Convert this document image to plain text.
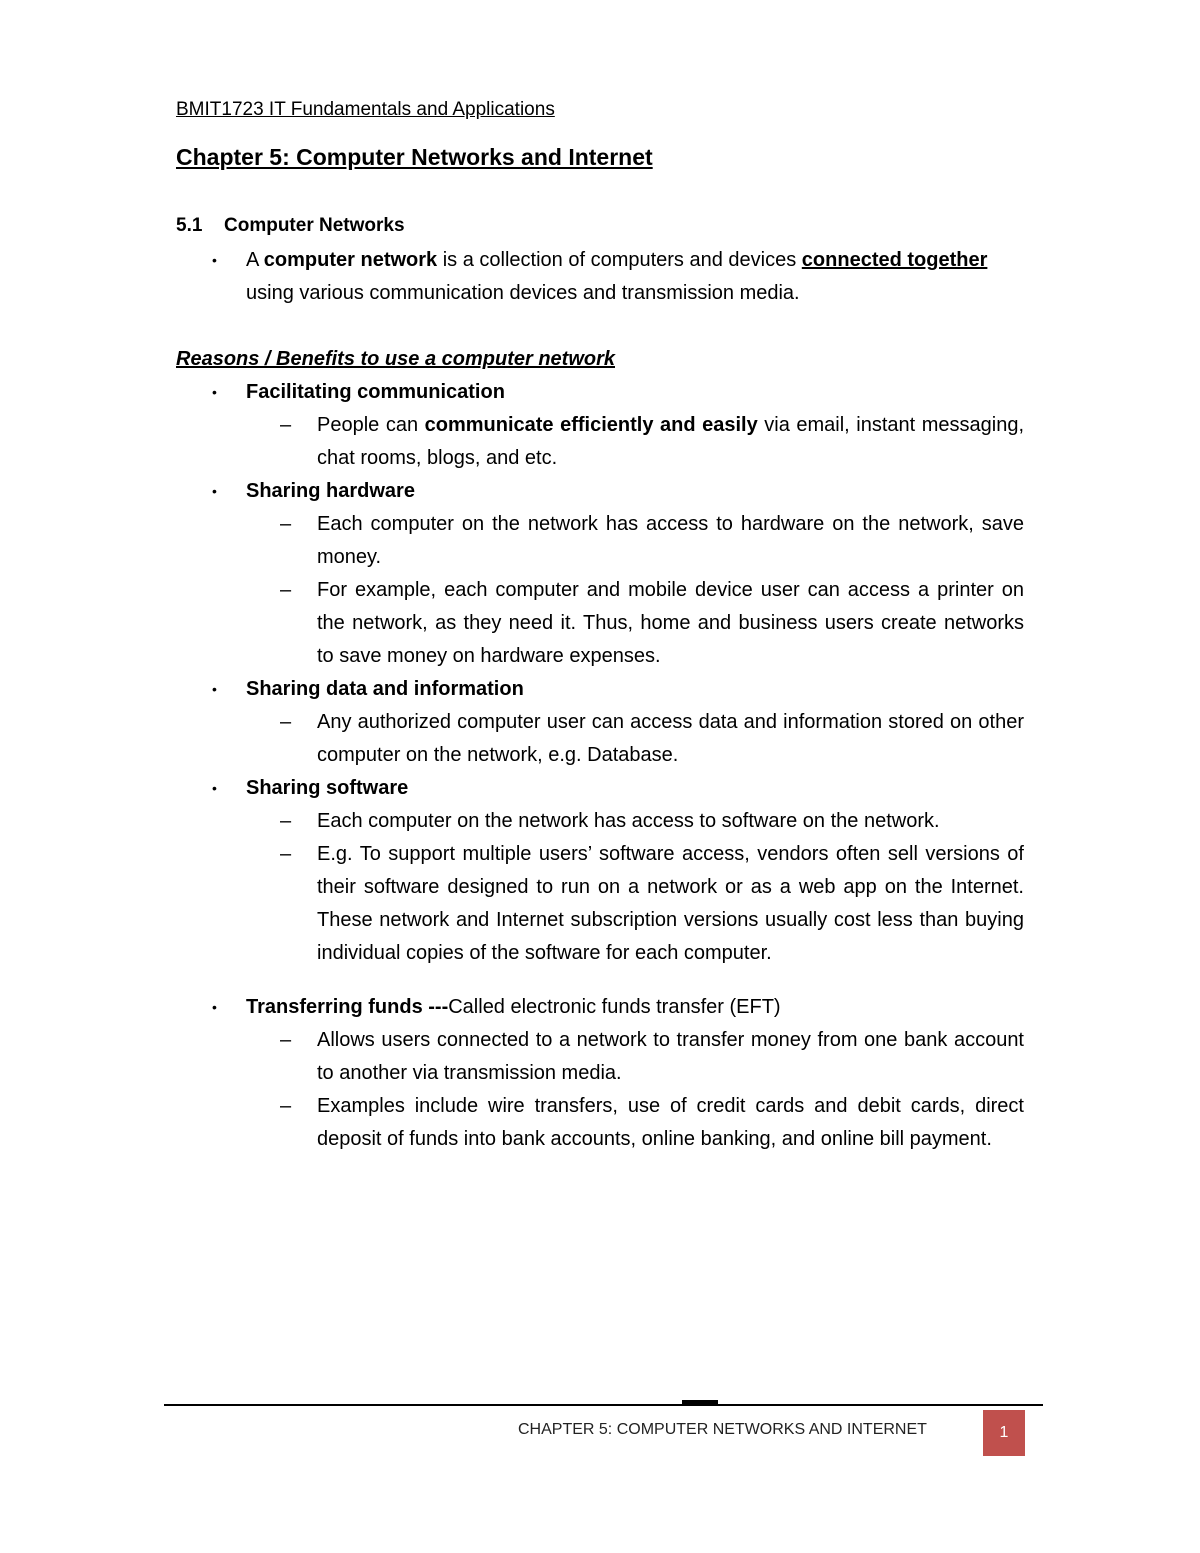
BMIT1723 IT Fundamentals and Applications
Chapter 5: Computer Networks and Internet
5.1 Computer Networks
• A computer network is a collection of computers and devices connected together using various communication devices and transmission media.
Reasons / Benefits to use a computer network
• Facilitating communication
– People can communicate efficiently and easily via email, instant messaging, chat rooms, blogs, and etc.
• Sharing hardware
– Each computer on the network has access to hardware on the network, save money.
– For example, each computer and mobile device user can access a printer on the network, as they need it. Thus, home and business users create networks to save money on hardware expenses.
• Sharing data and information
– Any authorized computer user can access data and information stored on other computer on the network, e.g. Database.
• Sharing software
– Each computer on the network has access to software on the network.
– E.g. To support multiple users’ software access, vendors often sell versions of their software designed to run on a network or as a web app on the Internet. These network and Internet subscription versions usually cost less than buying individual copies of the software for each computer.
• Transferring funds ---Called electronic funds transfer (EFT)
– Allows users connected to a network to transfer money from one bank account to another via transmission media.
– Examples include wire transfers, use of credit cards and debit cards, direct deposit of funds into bank accounts, online banking, and online bill payment.
CHAPTER 5: COMPUTER NETWORKS AND INTERNET	1
